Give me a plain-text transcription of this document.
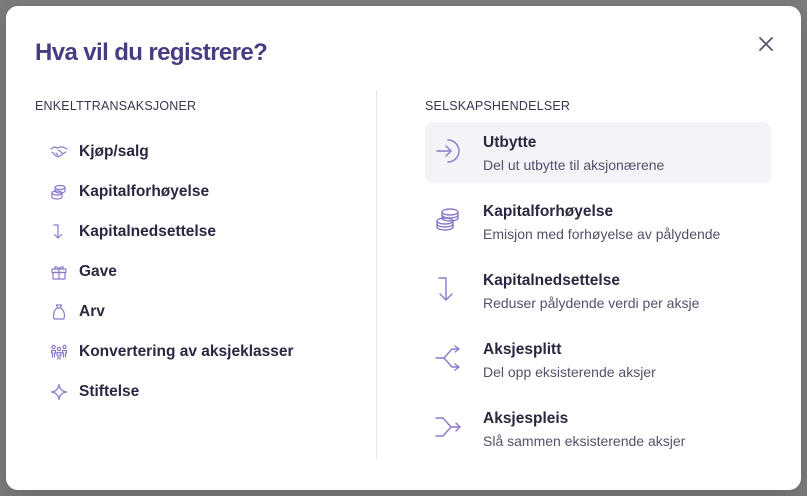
Hva vil du registrere?
ENKELTTRANSAKSJONER	SELSKAPSHENDELSER
Kjøp/salg
Kapitalforhøyelse
Kapitalnedsettelse
Gave
Arv
Konvertering av aksjeklasser
Stiftelse
Utbytte
Del ut utbytte til aksjonærene
Kapitalforhøyelse
Emisjon med forhøyelse av pålydende
Kapitalnedsettelse
Reduser pålydende verdi per aksje
Aksjesplitt
Del opp eksisterende aksjer
Aksjespleis
Slå sammen eksisterende aksjer
